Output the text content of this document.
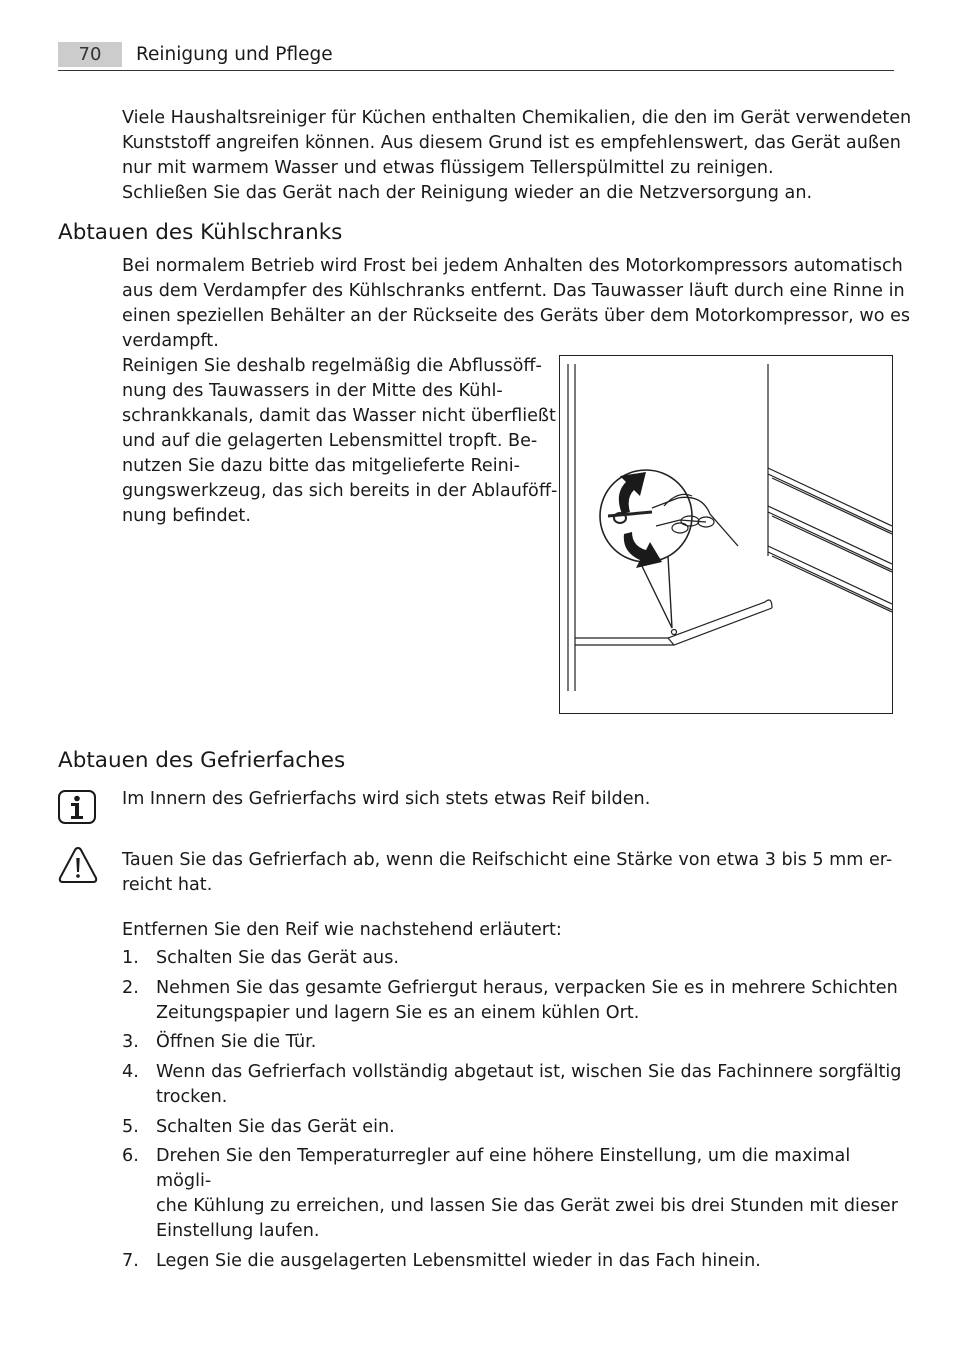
70	Reinigung und Pflege

Viele Haushaltsreiniger für Küchen enthalten Chemikalien, die den im Gerät verwendeten
Kunststoff angreifen können. Aus diesem Grund ist es empfehlenswert, das Gerät außen
nur mit warmem Wasser und etwas flüssigem Tellerspülmittel zu reinigen.
Schließen Sie das Gerät nach der Reinigung wieder an die Netzversorgung an.

Abtauen des Kühlschranks

Bei normalem Betrieb wird Frost bei jedem Anhalten des Motorkompressors automatisch
aus dem Verdampfer des Kühlschranks entfernt. Das Tauwasser läuft durch eine Rinne in
einen speziellen Behälter an der Rückseite des Geräts über dem Motorkompressor, wo es
verdampft.

Reinigen Sie deshalb regelmäßig die Abflussöff-
nung des Tauwassers in der Mitte des Kühl-
schrankkanals, damit das Wasser nicht überfließt
und auf die gelagerten Lebensmittel tropft. Be-
nutzen Sie dazu bitte das mitgelieferte Reini-
gungswerkzeug, das sich bereits in der Ablauföff-
nung befindet.

Abtauen des Gefrierfaches

Im Innern des Gefrierfachs wird sich stets etwas Reif bilden.

Tauen Sie das Gefrierfach ab, wenn die Reifschicht eine Stärke von etwa 3 bis 5 mm er-
reicht hat.

Entfernen Sie den Reif wie nachstehend erläutert:

1. Schalten Sie das Gerät aus.
2. Nehmen Sie das gesamte Gefriergut heraus, verpacken Sie es in mehrere Schichten
Zeitungspapier und lagern Sie es an einem kühlen Ort.
3. Öffnen Sie die Tür.
4. Wenn das Gefrierfach vollständig abgetaut ist, wischen Sie das Fachinnere sorgfältig
trocken.
5. Schalten Sie das Gerät ein.
6. Drehen Sie den Temperaturregler auf eine höhere Einstellung, um die maximal mögli-
che Kühlung zu erreichen, und lassen Sie das Gerät zwei bis drei Stunden mit dieser
Einstellung laufen.
7. Legen Sie die ausgelagerten Lebensmittel wieder in das Fach hinein.
